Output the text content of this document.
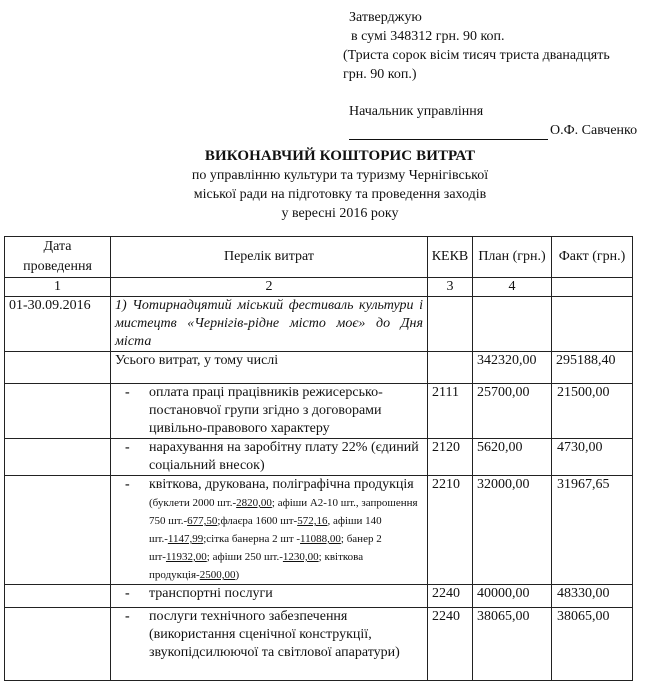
Затверджую
в сумі 348312 грн. 90 коп.
(Триста сорок вісім тисяч триста дванадцять
грн. 90 коп.)
Начальник управління
О.Ф. Савченко
ВИКОНАВЧИЙ КОШТОРИС ВИТРАТ
по управлінню культури та туризму Чернігівської
міської ради на підготовку та проведення заходів
у вересні 2016 року
Дата проведення	Перелік витрат	КЕКВ	План (грн.)	Факт (грн.)
1	2	3	4	
01-30.09.2016	1) Чотирнадцятий міський фестиваль культури і мистецтв «Чернігів-рідне місто моє» до Дня міста			
	Усього витрат, у тому числі		342320,00	295188,40

	- оплата праці працівників режисерсько-постановчої групи згідно з договорами цивільно-правового характеру	2111	25700,00	21500,00

	- нарахування на заробітну плату 22% (єдиний соціальний внесок)	2120	5620,00	4730,00

	- квіткова, друкована, поліграфічна продукція (буклети 2000 шт.-2820,00; афіши А2-10 шт., запрошення 750 шт.-677,50;флаєра 1600 шт-572,16, афіши 140 шт.-1147,99;сітка банерна 2 шт -11088,00; банер 2 шт-11932,00; афіши 250 шт.-1230,00; квіткова продукція-2500,00)	2210	32000,00	31967,65

	- транспортні послуги	2240	40000,00	48330,00

	- послуги технічного забезпечення (використання сценічної конструкції, звукопідсилюючої та світлової апаратури)	2240	38065,00	38065,00
